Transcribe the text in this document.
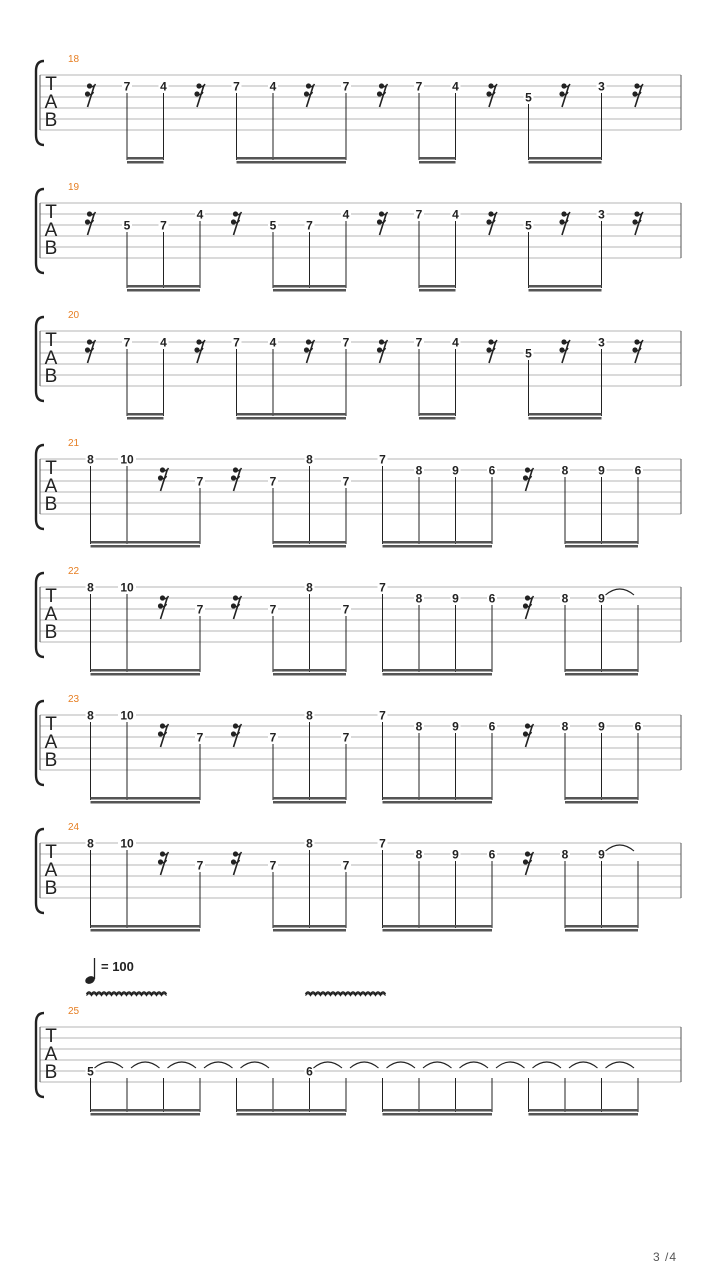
T
A
B
18
7 4	7 4	7	7 4
5
3
T
A
B
19
5 7
4
5 7
4	7 4
5
3
T
A
B
20
7 4	7 4	7	7 4
5
3
T
A
B
21
8 10
7	7
8
7
7
8 9 6	8 9 6
T
A
B
22
8 10
7	7
8
7
7
8 9 6	8 9
T
A
B
23
8 10
7	7
8
7
7
8 9 6	8 9 6
T
A
B
24
8 10
7	7
8
7
7
8 9 6	8 9
T
A
B
25
= 100
5	6
3 /4
